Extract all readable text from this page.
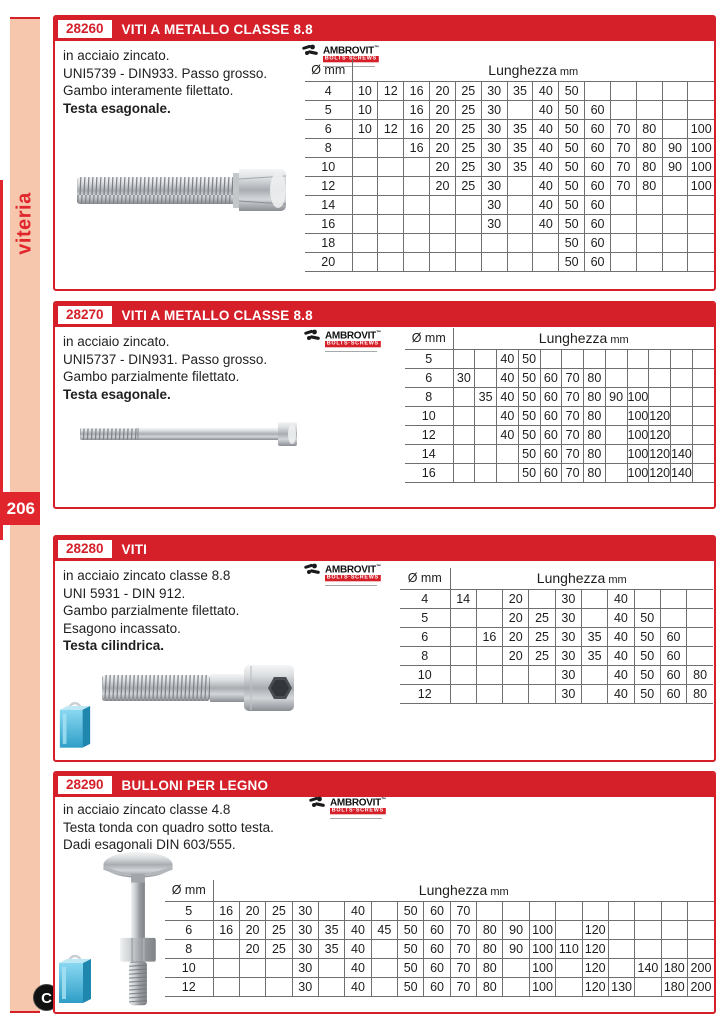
viteria
206
C
28260	VITI A METALLO CLASSE 8.8
in acciaio zincato.
UNI5739 - DIN933. Passo grosso.
Gambo interamente filettato.
Testa esagonale.
AMBROVIT™
BOLTS·SCREWS
Ø mm	Lunghezza mm													
4	10	12	16	20	25	30	35	40	50					
5	10		16	20	25	30		40	50	60				
6	10	12	16	20	25	30	35	40	50	60	70	80		100
8			16	20	25	30	35	40	50	60	70	80	90	100
10				20	25	30	35	40	50	60	70	80	90	100
12				20	25	30		40	50	60	70	80		100
14						30		40	50	60				
16						30		40	50	60				
18									50	60				
20									50	60				
28270	VITI A METALLO CLASSE 8.8
in acciaio zincato.
UNI5737 - DIN931. Passo grosso.
Gambo parzialmente filettato.
Testa esagonale.
AMBROVIT™
BOLTS·SCREWS	Ø mm	Lunghezza mm											
5			40	50								
6	30		40	50	60	70	80					
8		35	40	50	60	70	80	90	100			
10			40	50	60	70	80		100	120		
12			40	50	60	70	80		100	120		
14				50	60	70	80		100	120	140	
16				50	60	70	80		100	120	140	
28280	VITI
in acciaio zincato classe 8.8
UNI 5931 - DIN 912.
Gambo parzialmente filettato.
Esagono incassato.
Testa cilindrica.
AMBROVIT™
BOLTS·SCREWS Ø mm	Lunghezza mm									
4	14		20		30		40			
5			20	25	30		40	50		
6		16	20	25	30	35	40	50	60	
8			20	25	30	35	40	50	60	
10					30		40	50	60	80
12					30		40	50	60	80
28290	BULLONI PER LEGNO
in acciaio zincato classe 4.8
Testa tonda con quadro sotto testa.
Dadi esagonali DIN 603/555.
AMBROVIT™
BOLTS·SCREWS
Ø mm	Lunghezza mm																		
5	16	20	25	30		40		50	60	70									
6	16	20	25	30	35	40	45	50	60	70	80	90	100		120				
8		20	25	30	35	40		50	60	70	80	90	100	110	120				
10				30		40		50	60	70	80		100		120		140	180	200
12				30		40		50	60	70	80		100		120	130		180	200
